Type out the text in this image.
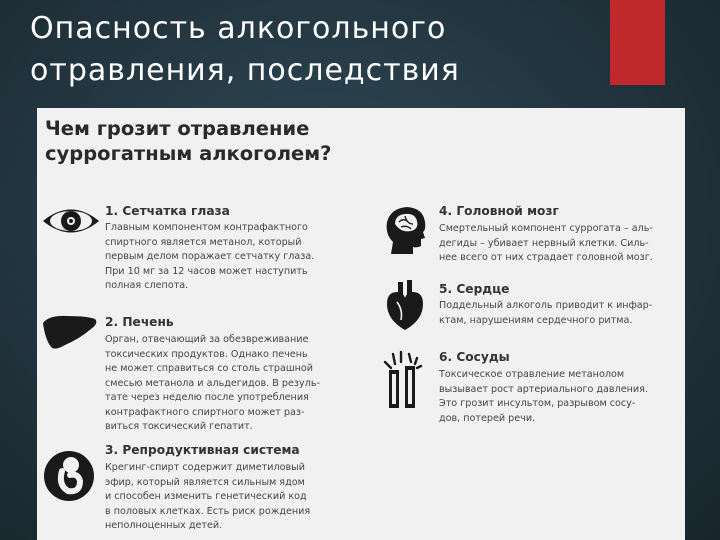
Опасность алкогольного
отравления, последствия
Чем грозит отравление
суррогатным алкоголем?
1. Сетчатка глаза

Главным компонентом контрафактного
спиртного является метанол, который
первым делом поражает сетчатку глаза.
При 10 мг за 12 часов может наступить
полная слепота.

2. Печень

Орган, отвечающий за обезвреживание
токсических продуктов. Однако печень
не может справиться со столь страшной
смесью метанола и альдегидов. В резуль-
тате через неделю после употребления
контрафактного спиртного может раз-
виться токсический гепатит.

3. Репродуктивная система

Крегинг-спирт содержит диметиловый
эфир, который является сильным ядом
и способен изменить генетический код
в половых клетках. Есть риск рождения
неполноценных детей.

4. Головной мозг

Смертельный компонент суррогата – аль-
дегиды – убивает нервный клетки. Силь-
нее всего от них страдает головной мозг.

5. Сердце

Поддельный алкоголь приводит к инфар-
ктам, нарушениям сердечного ритма.

6. Сосуды

Токсическое отравление метанолом
вызывает рост артериального давления.
Это грозит инсультом, разрывом сосу-
дов, потерей речи.
